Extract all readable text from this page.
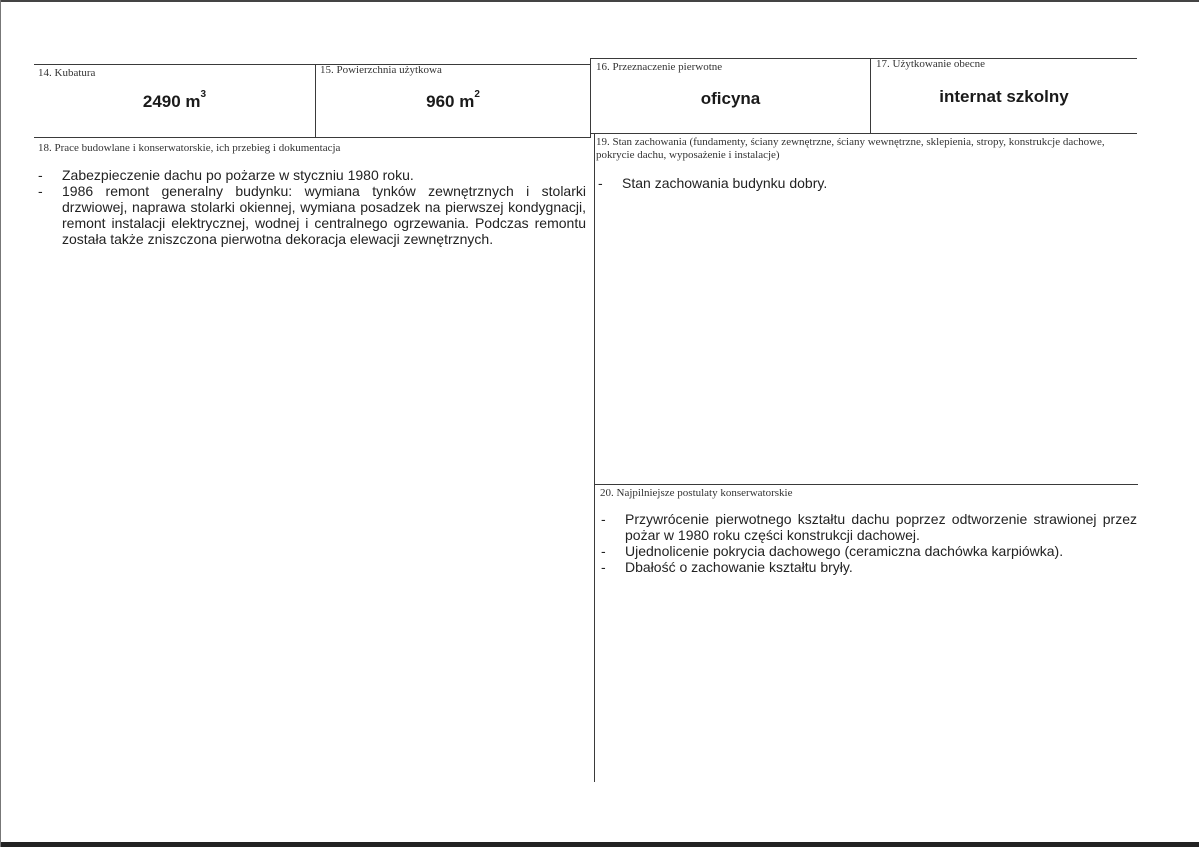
14. Kubatura
2490 $m^3$
15. Powierzchnia użytkowa
960 $m^2$
16. Przeznaczenie pierwotne
oficyna
17. Użytkowanie obecne
internat szkolny
18. Prace budowlane i konserwatorskie, ich przebieg i dokumentacja
- Zabezpieczenie dachu po pożarze w styczniu 1980 roku.
- 1986 remont generalny budynku: wymiana tynków zewnętrznych i stolarki drzwiowej, naprawa stolarki okiennej, wymiana posadzek na pierwszej kondygnacji, remont instalacji elektrycznej, wodnej i centralnego ogrzewania. Podczas remontu została także zniszczona pierwotna dekoracja elewacji zewnętrznych.
19. Stan zachowania (fundamenty, ściany zewnętrzne, ściany wewnętrzne, sklepienia, stropy, konstrukcje dachowe, pokrycie dachu, wyposażenie i instalacje)
- Stan zachowania budynku dobry.
20. Najpilniejsze postulaty konserwatorskie
- Przywrócenie pierwotnego kształtu dachu poprzez odtworzenie strawionej przez pożar w 1980 roku części konstrukcji dachowej.
- Ujednolicenie pokrycia dachowego (ceramiczna dachówka karpiówka).
- Dbałość o zachowanie kształtu bryły.
